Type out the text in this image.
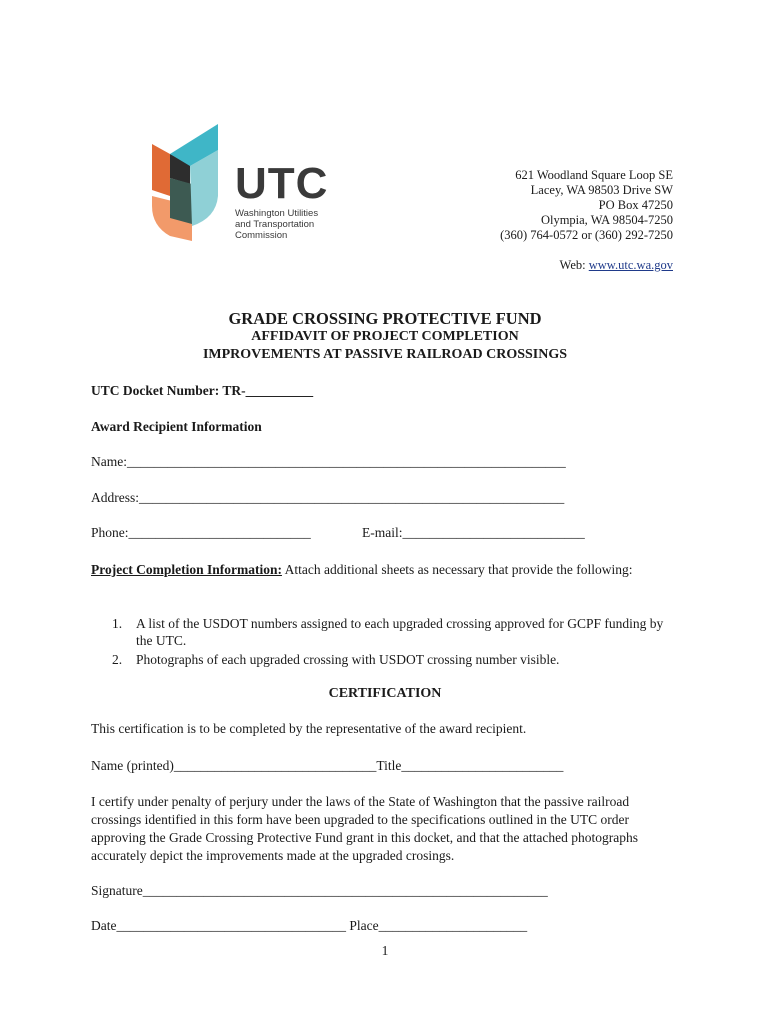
UTC
Washington Utilities
and Transportation
Commission
621 Woodland Square Loop SE
Lacey, WA 98503 Drive SW
PO Box 47250
Olympia, WA 98504-7250
(360) 764-0572 or (360) 292-7250
Web: www.utc.wa.gov
GRADE CROSSING PROTECTIVE FUND
AFFIDAVIT OF PROJECT COMPLETION
IMPROVEMENTS AT PASSIVE RAILROAD CROSSINGS
UTC Docket Number: TR-__________
Award Recipient Information
Name:_________________________________________________________________
Address:_______________________________________________________________
Phone:___________________________	E-mail:___________________________
Project Completion Information: Attach additional sheets as necessary that provide the following:
1. A list of the USDOT numbers assigned to each upgraded crossing approved for GCPF funding by the UTC.
2. Photographs of each upgraded crossing with USDOT crossing number visible.
CERTIFICATION
This certification is to be completed by the representative of the award recipient.
Name (printed)______________________________Title________________________
I certify under penalty of perjury under the laws of the State of Washington that the passive railroad crossings identified in this form have been upgraded to the specifications outlined in the UTC order approving the Grade Crossing Protective Fund grant in this docket, and that the attached photographs accurately depict the improvements made at the upgraded crosings.
Signature____________________________________________________________
Date__________________________________ Place______________________
1
